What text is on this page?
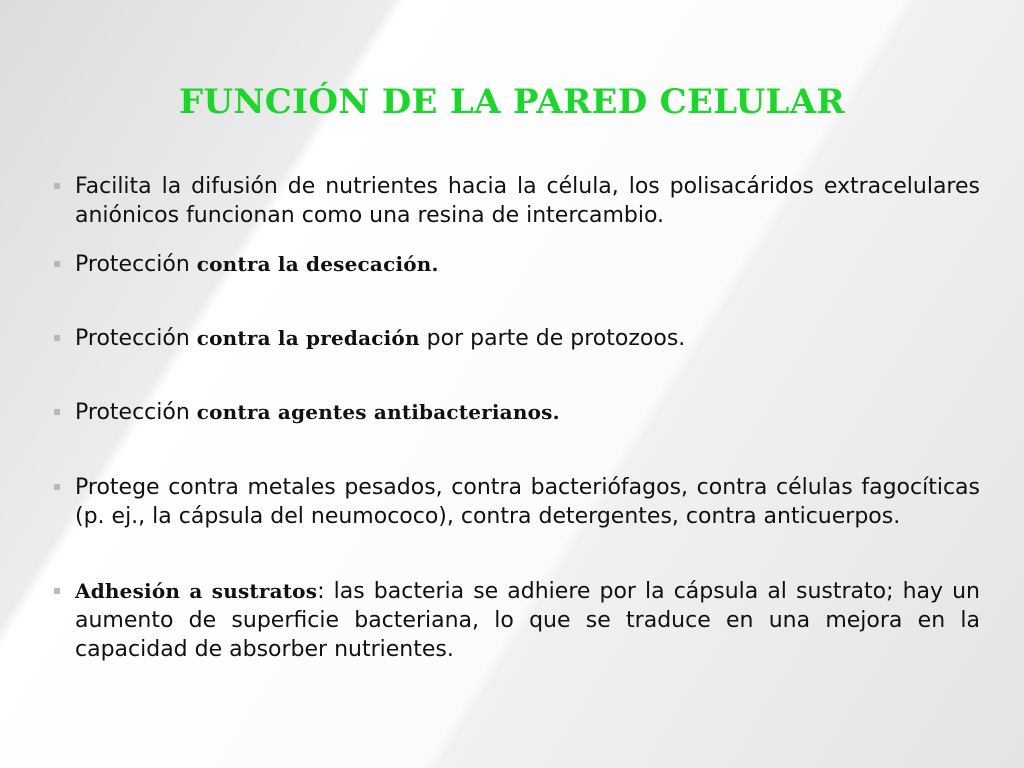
FUNCIÓN DE LA PARED CELULAR
Facilita la difusión de nutrientes hacia la célula, los polisacáridos extracelulares aniónicos funcionan como una resina de intercambio.
Protección contra la desecación.
Protección contra la predación por parte de protozoos.
Protección contra agentes antibacterianos.
Protege contra metales pesados, contra bacteriófagos, contra células fagocíticas (p. ej., la cápsula del neumococo), contra detergentes, contra anticuerpos.
Adhesión a sustratos: las bacteria se adhiere por la cápsula al sustrato; hay un aumento de superficie bacteriana, lo que se traduce en una mejora en la capacidad de absorber nutrientes.
